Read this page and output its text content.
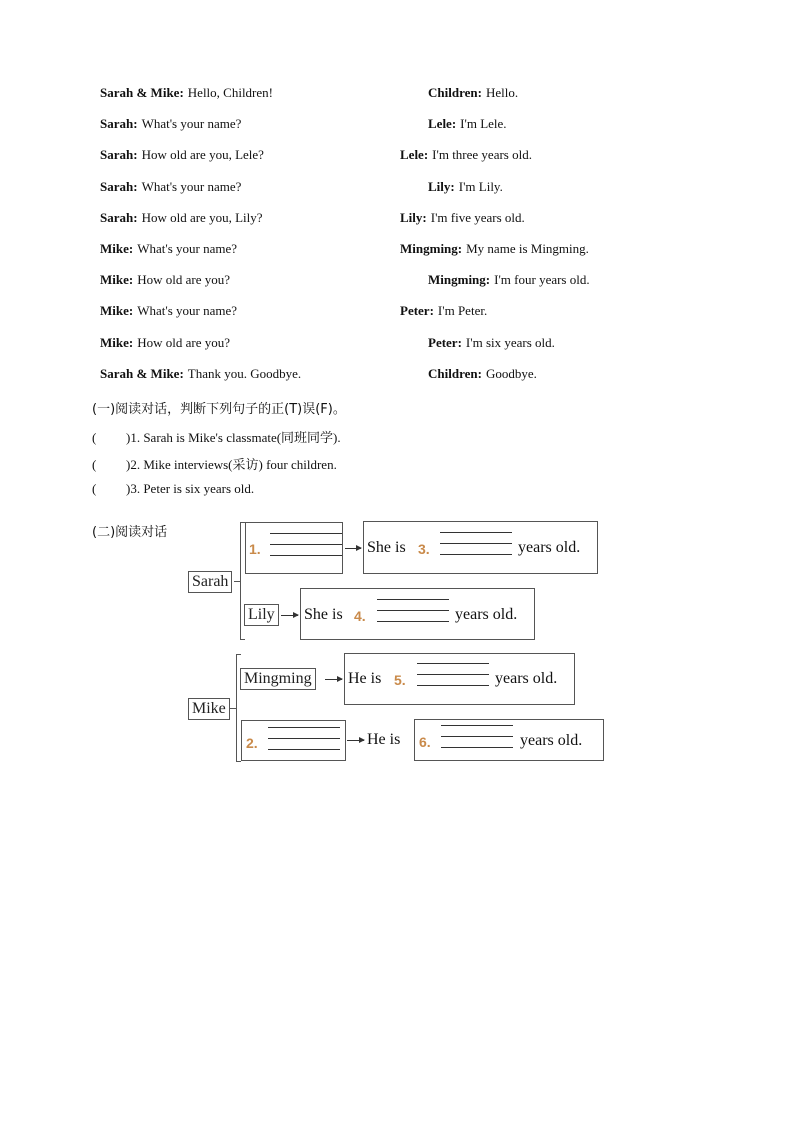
Sarah & Mike: Hello, Children!	Children: Hello.
Sarah: What's your name?	Lele: I'm Lele.
Sarah: How old are you, Lele?	Lele: I'm three years old.
Sarah: What's your name?	Lily: I'm Lily.
Sarah: How old are you, Lily?	Lily: I'm five years old.
Mike: What's your name?	Mingming: My name is Mingming.
Mike: How old are you?	Mingming: I'm four years old.
Mike: What's your name?	Peter: I'm Peter.
Mike: How old are you?	Peter: I'm six years old.
Sarah & Mike: Thank you. Goodbye.	Children: Goodbye.
(一)阅读对话，判断下列句子的正(T)误(F)。
( )1. Sarah is Mike's classmate(同班同学).
( )2. Mike interviews(采访) four children.
( )3. Peter is six years old.
(二)阅读对话
Sarah
1.	She is 3.	years old.
Lily She is 4.	years old.
Mike
Mingming He is 5.	years old.
2.	He is 6.	years old.
